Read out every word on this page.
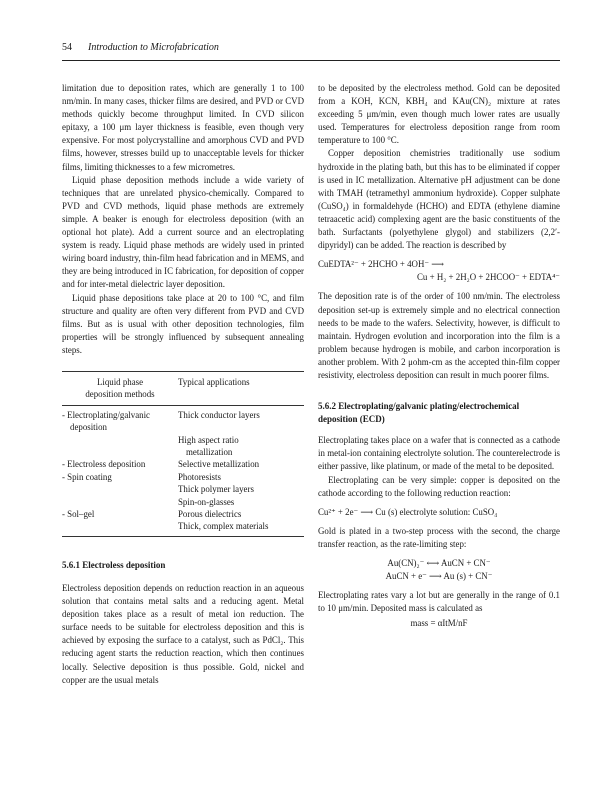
54 Introduction to Microfabrication

limitation due to deposition rates, which are generally 1 to 100 nm/min. In many cases, thicker films are desired, and PVD or CVD methods quickly become throughput limited. In CVD silicon epitaxy, a 100 μm layer thickness is feasible, even though very expensive. For most polycrystalline and amorphous CVD and PVD films, however, stresses build up to unacceptable levels for thicker films, limiting thicknesses to a few micrometres.

Liquid phase deposition methods include a wide variety of techniques that are unrelated physico-chemically. Compared to PVD and CVD methods, liquid phase methods are extremely simple. A beaker is enough for electroless deposition (with an optional hot plate). Add a current source and an electroplating system is ready. Liquid phase methods are widely used in printed wiring board industry, thin-film head fabrication and in MEMS, and they are being introduced in IC fabrication, for deposition of copper and for inter-metal dielectric layer deposition.

Liquid phase depositions take place at 20 to 100 °C, and film structure and quality are often very different from PVD and CVD films. But as is usual with other deposition technologies, film properties will be strongly influenced by subsequent annealing steps.

Liquid phase
deposition methods	Typical applications
- Electroplating/galvanic	Thick conductor layers
deposition	
	High aspect ratio
	metallization
- Electroless deposition	Selective metallization
- Spin coating	Photoresists
	Thick polymer layers
	Spin-on-glasses
- Sol–gel	Porous dielectrics
	Thick, complex materials
5.6.1 Electroless deposition

Electroless deposition depends on reduction reaction in an aqueous solution that contains metal salts and a reducing agent. Metal deposition takes place as a result of metal ion reduction. The surface needs to be suitable for electroless deposition and this is achieved by exposing the surface to a catalyst, such as PdCl₂. This reducing agent starts the reduction reaction, which then continues locally. Selective deposition is thus possible. Gold, nickel and copper are the usual metals

to be deposited by the electroless method. Gold can be deposited from a KOH, KCN, KBH₄ and KAu(CN)₂ mixture at rates exceeding 5 μm/min, even though much lower rates are usually used. Temperatures for electroless deposition range from room temperature to 100 °C.

Copper deposition chemistries traditionally use sodium hydroxide in the plating bath, but this has to be eliminated if copper is used in IC metallization. Alternative pH adjustment can be done with TMAH (tetramethyl ammonium hydroxide). Copper sulphate (CuSO₄) in formaldehyde (HCHO) and EDTA (ethylene diamine tetraacetic acid) complexing agent are the basic constituents of the bath. Surfactants (polyethylene glygol) and stabilizers (2,2′-dipyridyl) can be added. The reaction is described by

CuEDTA²⁻ + 2HCHO + 4OH⁻ ⟶
Cu + H₂ + 2H₂O + 2HCOO⁻ + EDTA⁴⁻

The deposition rate is of the order of 100 nm/min. The electroless deposition set-up is extremely simple and no electrical connection needs to be made to the wafers. Selectivity, however, is difficult to maintain. Hydrogen evolution and incorporation into the film is a problem because hydrogen is mobile, and carbon incorporation is another problem. With 2 μohm-cm as the accepted thin-film copper resistivity, electroless deposition can result in much poorer films.

5.6.2 Electroplating/galvanic plating/electrochemical deposition (ECD)

Electroplating takes place on a wafer that is connected as a cathode in metal-ion containing electrolyte solution. The counterelectrode is either passive, like platinum, or made of the metal to be deposited.

Electroplating can be very simple: copper is deposited on the cathode according to the following reduction reaction:

Cu²⁺ + 2e⁻ ⟶ Cu (s) electrolyte solution: CuSO₄

Gold is plated in a two-step process with the second, the charge transfer reaction, as the rate-limiting step:

Au(CN)₂⁻ ⟷ AuCN + CN⁻
AuCN + e⁻ ⟶ Au (s) + CN⁻

Electroplating rates vary a lot but are generally in the range of 0.1 to 10 μm/min. Deposited mass is calculated as

mass = αItM/nF
